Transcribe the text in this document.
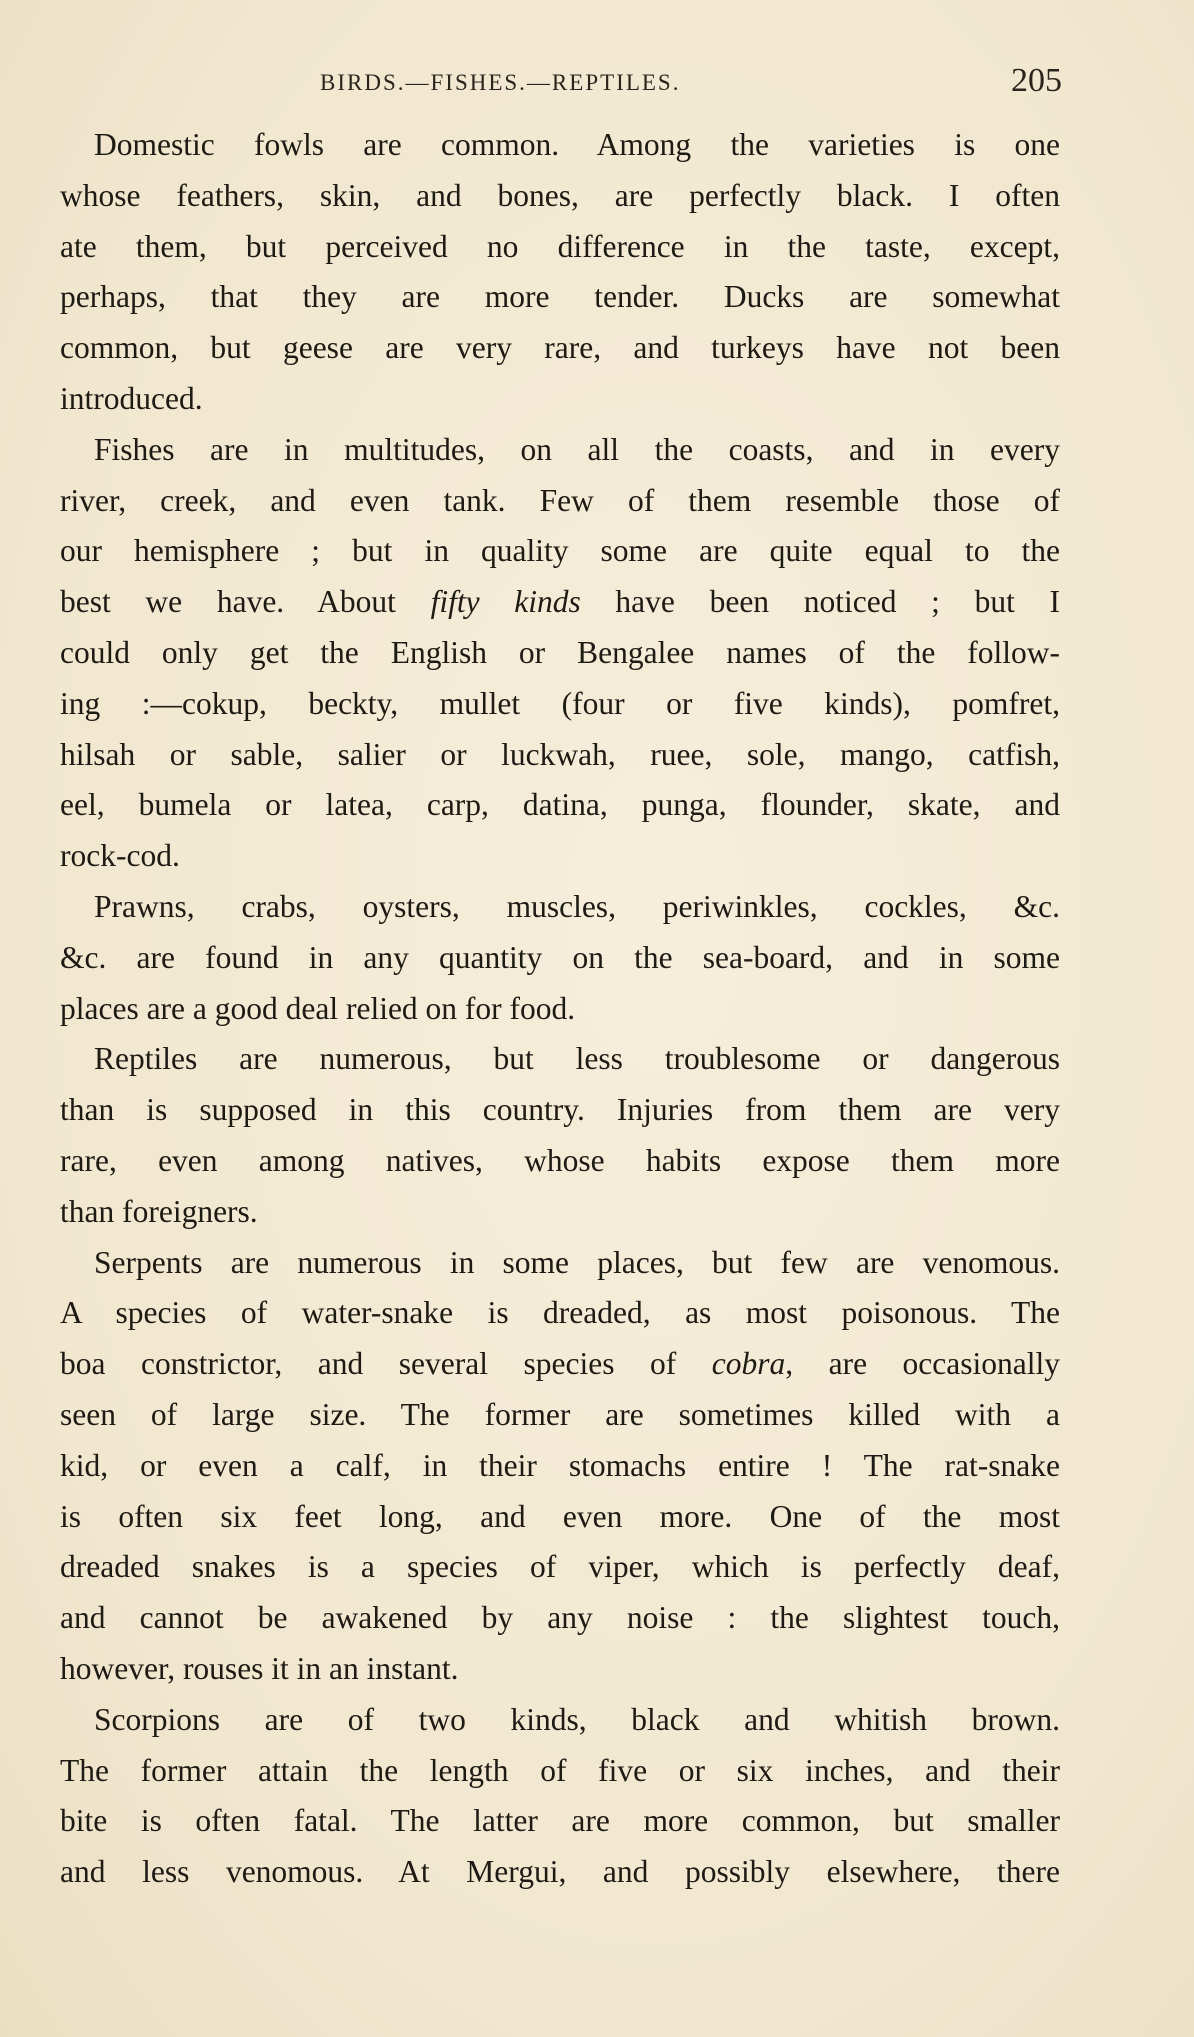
BIRDS.—FISHES.—REPTILES.	205

Domestic fowls are common. Among the varieties is one
whose feathers, skin, and bones, are perfectly black. I often
ate them, but perceived no difference in the taste, except,
perhaps, that they are more tender. Ducks are somewhat
common, but geese are very rare, and turkeys have not been
introduced.

Fishes are in multitudes, on all the coasts, and in every
river, creek, and even tank. Few of them resemble those of
our hemisphere ; but in quality some are quite equal to the
best we have. About fifty kinds have been noticed ; but I
could only get the English or Bengalee names of the follow-
ing :—cokup, beckty, mullet (four or five kinds), pomfret,
hilsah or sable, salier or luckwah, ruee, sole, mango, catfish,
eel, bumela or latea, carp, datina, punga, flounder, skate, and
rock-cod.

Prawns, crabs, oysters, muscles, periwinkles, cockles, &c.
&c. are found in any quantity on the sea-board, and in some
places are a good deal relied on for food.

Reptiles are numerous, but less troublesome or dangerous
than is supposed in this country. Injuries from them are very
rare, even among natives, whose habits expose them more
than foreigners.

Serpents are numerous in some places, but few are venomous.
A species of water-snake is dreaded, as most poisonous. The
boa constrictor, and several species of cobra, are occasionally
seen of large size. The former are sometimes killed with a
kid, or even a calf, in their stomachs entire ! The rat-snake
is often six feet long, and even more. One of the most
dreaded snakes is a species of viper, which is perfectly deaf,
and cannot be awakened by any noise : the slightest touch,
however, rouses it in an instant.

Scorpions are of two kinds, black and whitish brown.
The former attain the length of five or six inches, and their
bite is often fatal. The latter are more common, but smaller
and less venomous. At Mergui, and possibly elsewhere, there
